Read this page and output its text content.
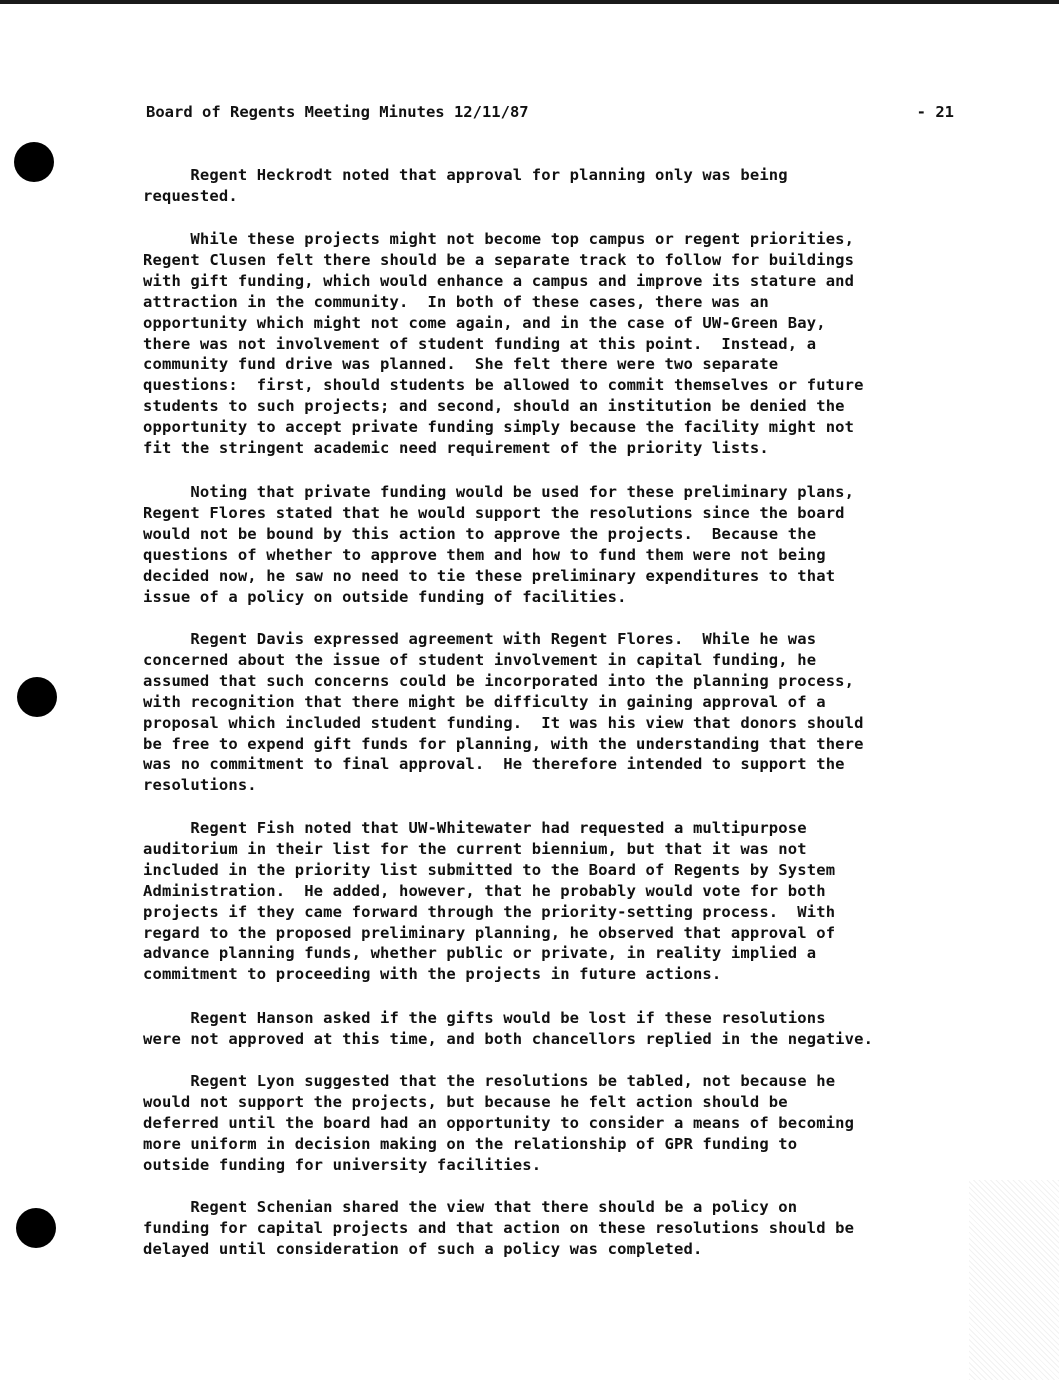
Board of Regents Meeting Minutes 12/11/87

	- 21

Regent Heckrodt noted that approval for planning only was being
requested.

While these projects might not become top campus or regent priorities,
Regent Clusen felt there should be a separate track to follow for buildings
with gift funding, which would enhance a campus and improve its stature and
attraction in the community.  In both of these cases, there was an
opportunity which might not come again, and in the case of UW-Green Bay,
there was not involvement of student funding at this point.  Instead, a
community fund drive was planned.  She felt there were two separate
questions:  first, should students be allowed to commit themselves or future
students to such projects; and second, should an institution be denied the
opportunity to accept private funding simply because the facility might not
fit the stringent academic need requirement of the priority lists.

Noting that private funding would be used for these preliminary plans,
Regent Flores stated that he would support the resolutions since the board
would not be bound by this action to approve the projects.  Because the
questions of whether to approve them and how to fund them were not being
decided now, he saw no need to tie these preliminary expenditures to that
issue of a policy on outside funding of facilities.

Regent Davis expressed agreement with Regent Flores.  While he was
concerned about the issue of student involvement in capital funding, he
assumed that such concerns could be incorporated into the planning process,
with recognition that there might be difficulty in gaining approval of a
proposal which included student funding.  It was his view that donors should
be free to expend gift funds for planning, with the understanding that there
was no commitment to final approval.  He therefore intended to support the
resolutions.

Regent Fish noted that UW-Whitewater had requested a multipurpose
auditorium in their list for the current biennium, but that it was not
included in the priority list submitted to the Board of Regents by System
Administration.  He added, however, that he probably would vote for both
projects if they came forward through the priority-setting process.  With
regard to the proposed preliminary planning, he observed that approval of
advance planning funds, whether public or private, in reality implied a
commitment to proceeding with the projects in future actions.

Regent Hanson asked if the gifts would be lost if these resolutions
were not approved at this time, and both chancellors replied in the negative.

Regent Lyon suggested that the resolutions be tabled, not because he
would not support the projects, but because he felt action should be
deferred until the board had an opportunity to consider a means of becoming
more uniform in decision making on the relationship of GPR funding to
outside funding for university facilities.

Regent Schenian shared the view that there should be a policy on
funding for capital projects and that action on these resolutions should be
delayed until consideration of such a policy was completed.
